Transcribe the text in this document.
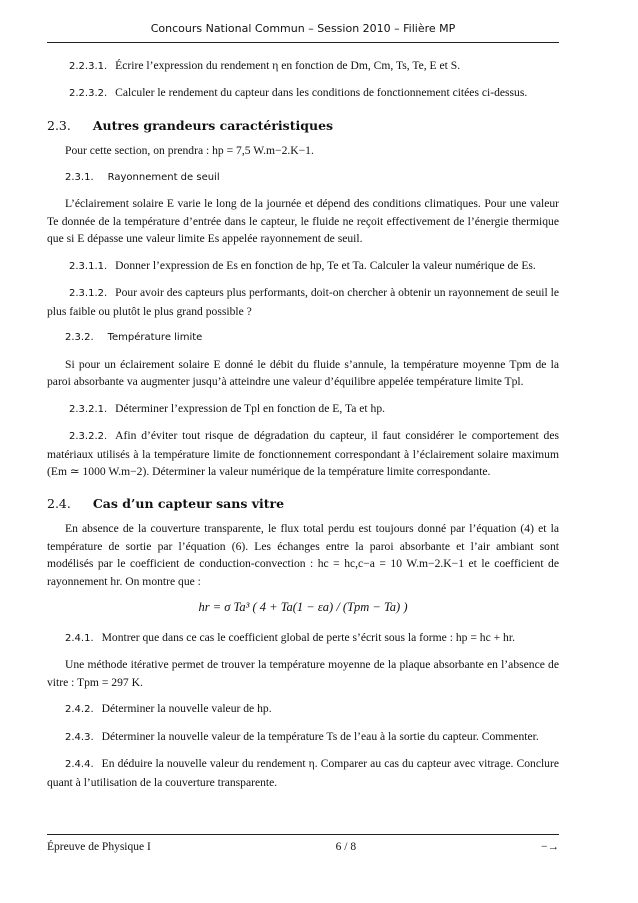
Concours National Commun – Session 2010 – Filière MP

2.2.3.1. Écrire l’expression du rendement η en fonction de Dm, Cm, Ts, Te, E et S.

2.2.3.2. Calculer le rendement du capteur dans les conditions de fonctionnement citées ci-dessus.

2.3. Autres grandeurs caractéristiques

Pour cette section, on prendra : hp = 7,5 W.m−2.K−1.

2.3.1. Rayonnement de seuil

L’éclairement solaire E varie le long de la journée et dépend des conditions climatiques. Pour une valeur Te donnée de la température d’entrée dans le capteur, le fluide ne reçoit effectivement de l’énergie thermique que si E dépasse une valeur limite Es appelée rayonnement de seuil.

2.3.1.1. Donner l’expression de Es en fonction de hp, Te et Ta. Calculer la valeur numérique de Es.

2.3.1.2. Pour avoir des capteurs plus performants, doit-on chercher à obtenir un rayonnement de seuil le plus faible ou plutôt le plus grand possible ?

2.3.2. Température limite

Si pour un éclairement solaire E donné le débit du fluide s’annule, la température moyenne Tpm de la paroi absorbante va augmenter jusqu’à atteindre une valeur d’équilibre appelée température limite Tpl.

2.3.2.1. Déterminer l’expression de Tpl en fonction de E, Ta et hp.

2.3.2.2. Afin d’éviter tout risque de dégradation du capteur, il faut considérer le comportement des matériaux utilisés à la température limite de fonctionnement correspondant à l’éclairement solaire maximum (Em ≃ 1000 W.m−2). Déterminer la valeur numérique de la température limite correspondante.

2.4. Cas d’un capteur sans vitre

En absence de la couverture transparente, le flux total perdu est toujours donné par l’équation (4) et la température de sortie par l’équation (6). Les échanges entre la paroi absorbante et l’air ambiant sont modélisés par le coefficient de conduction-convection : hc = hc,c−a = 10 W.m−2.K−1 et le coefficient de rayonnement hr. On montre que :

hr = σ Ta³ ( 4 + Ta(1 − εa) / (Tpm − Ta) )

2.4.1. Montrer que dans ce cas le coefficient global de perte s’écrit sous la forme : hp = hc + hr.

Une méthode itérative permet de trouver la température moyenne de la plaque absorbante en l’absence de vitre : Tpm = 297 K.

2.4.2. Déterminer la nouvelle valeur de hp.

2.4.3. Déterminer la nouvelle valeur de la température Ts de l’eau à la sortie du capteur. Commenter.

2.4.4. En déduire la nouvelle valeur du rendement η. Comparer au cas du capteur avec vitrage. Conclure quant à l’utilisation de la couverture transparente.

Épreuve de Physique I	6 / 8	−→
